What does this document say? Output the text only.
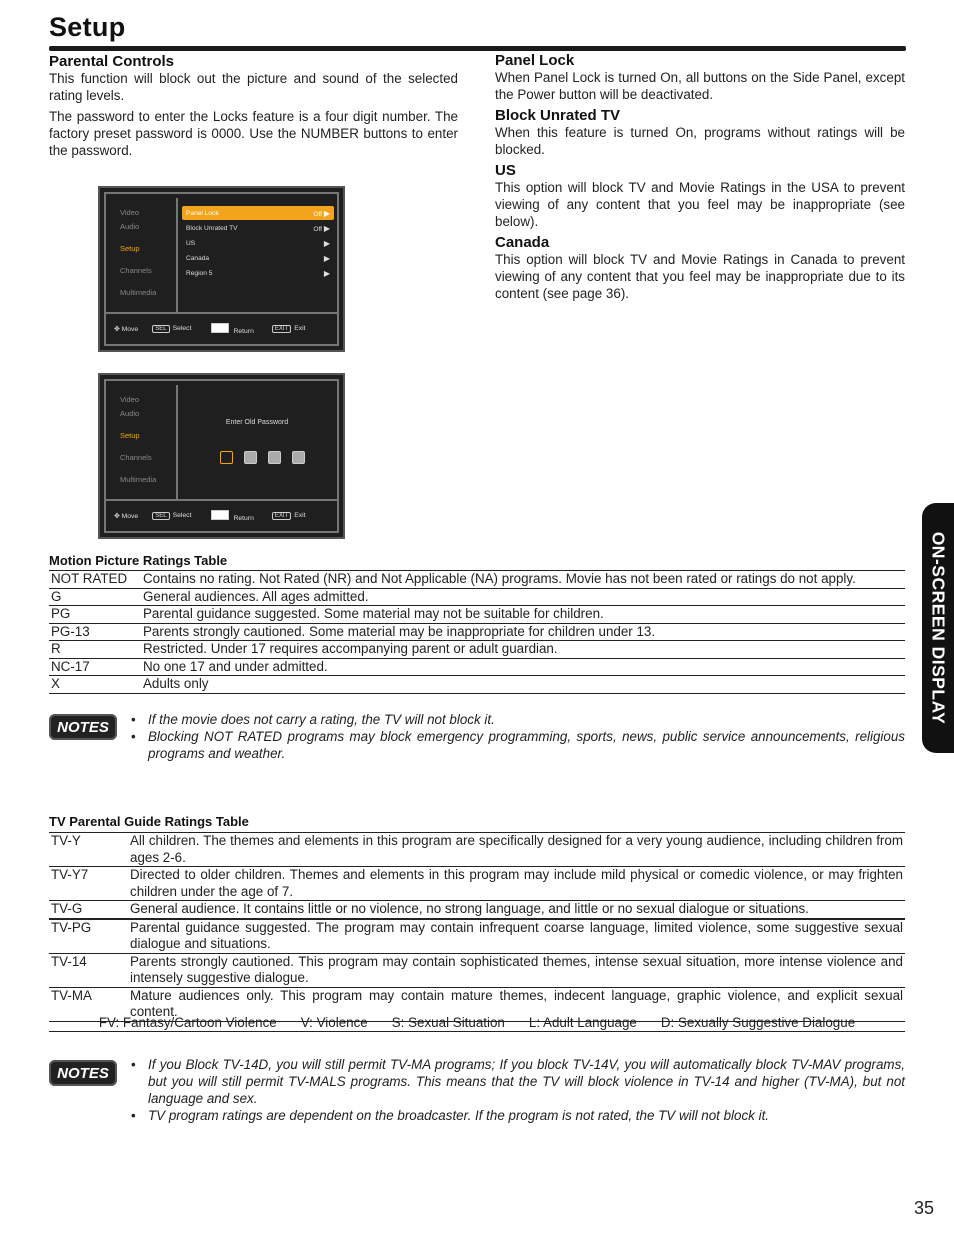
Setup
Parental Controls

This function will block out the picture and sound of the selected rating levels.

The password to enter the Locks feature is a four digit number. The factory preset password is 0000. Use the NUMBER buttons to enter the password.

Panel Lock

When Panel Lock is turned On, all buttons on the Side Panel, except the Power button will be deactivated.

Block Unrated TV

When this feature is turned On, programs without ratings will be blocked.

US

This option will block TV and Movie Ratings in the USA to prevent viewing of any content that you feel may be inappropriate (see below).

Canada

This option will block TV and Movie Ratings in Canada to prevent viewing of any content that you feel may be inappropriate due to its content (see page 36).

Video
Audio
Setup
Channels
Multimedia
Panel Lock	Off ▶
Block Unrated TV	Off ▶
US	▶
Canada	▶
Region 5	▶
✥ Move	SEL Select	Return	EXIT Exit
Video
Audio
Setup
Channels
Multimedia
Enter Old Password
✥ Move	SEL Select	Return	EXIT Exit
Motion Picture Ratings Table
NOT RATED	Contains no rating. Not Rated (NR) and Not Applicable (NA) programs. Movie has not been rated or ratings do not apply.
G	General audiences. All ages admitted.
PG	Parental guidance suggested. Some material may not be suitable for children.
PG-13	Parents strongly cautioned. Some material may be inappropriate for children under 13.
R	Restricted. Under 17 requires accompanying parent or adult guardian.
NC-17	No one 17 and under admitted.
X	Adults only
NOTES	• If the movie does not carry a rating, the TV will not block it.
• Blocking NOT RATED programs may block emergency programming, sports, news, public service announcements, religious programs and weather.
TV Parental Guide Ratings Table
TV-Y	All children. The themes and elements in this program are specifically designed for a very young audience, including children from ages 2-6.
TV-Y7	Directed to older children. Themes and elements in this program may include mild physical or comedic violence, or may frighten children under the age of 7.
TV-G	General audience. It contains little or no violence, no strong language, and little or no sexual dialogue or situations.
TV-PG	Parental guidance suggested. The program may contain infrequent coarse language, limited violence, some suggestive sexual dialogue and situations.
TV-14	Parents strongly cautioned. This program may contain sophisticated themes, intense sexual situation, more intense violence and intensely suggestive dialogue.
TV-MA	Mature audiences only. This program may contain mature themes, indecent language, graphic violence, and explicit sexual content.
FV: Fantasy/Cartoon Violence V: Violence S: Sexual Situation L: Adult Language D: Sexually Suggestive Dialogue
NOTES	• If you Block TV-14D, you will still permit TV-MA programs; If you block TV-14V, you will automatically block TV-MAV programs, but you will still permit TV-MALS programs. This means that the TV will block violence in TV-14 and higher (TV-MA), but not language and sex.
• TV program ratings are dependent on the broadcaster. If the program is not rated, the TV will not block it.
ON-SCREEN DISPLAY
35
